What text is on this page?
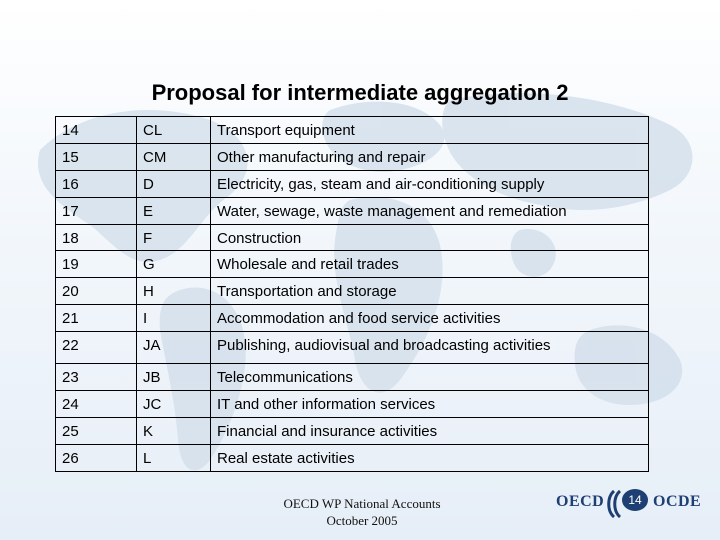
Proposal for intermediate aggregation 2
14	CL	Transport equipment
15	CM	Other manufacturing and repair
16	D	Electricity, gas, steam and air-conditioning supply
17	E	Water, sewage, waste management and remediation
18	F	Construction
19	G	Wholesale and retail trades
20	H	Transportation and storage
21	I	Accommodation and food service activities
22	JA	Publishing, audiovisual and broadcasting activities
23	JB	Telecommunications
24	JC	IT and other information services
25	K	Financial and insurance activities
26	L	Real estate activities
OECD WP National Accounts
October 2005
OECD	OCDE
14
